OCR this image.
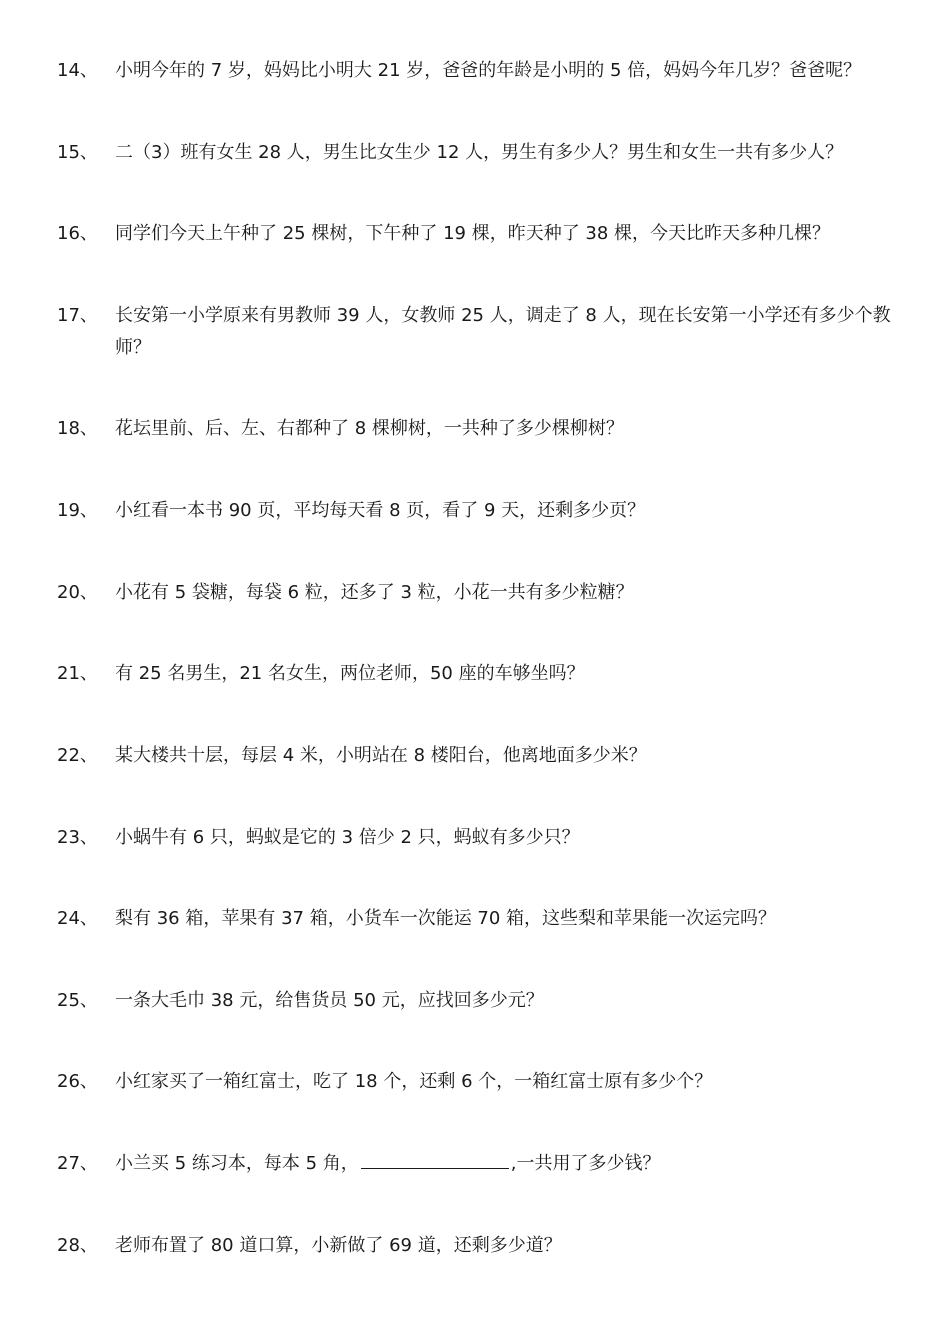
14、 小明今年的 7 岁，妈妈比小明大 21 岁，爸爸的年龄是小明的 5 倍，妈妈今年几岁？爸爸呢？
15、 二（3）班有女生 28 人，男生比女生少 12 人，男生有多少人？男生和女生一共有多少人？
16、 同学们今天上午种了 25 棵树，下午种了 19 棵，昨天种了 38 棵，今天比昨天多种几棵？
17、 长安第一小学原来有男教师 39 人，女教师 25 人，调走了 8 人，现在长安第一小学还有多少个教师？
18、 花坛里前、后、左、右都种了 8 棵柳树，一共种了多少棵柳树？
19、 小红看一本书 90 页，平均每天看 8 页，看了 9 天，还剩多少页？
20、 小花有 5 袋糖，每袋 6 粒，还多了 3 粒，小花一共有多少粒糖？
21、 有 25 名男生，21 名女生，两位老师，50 座的车够坐吗？
22、 某大楼共十层，每层 4 米，小明站在 8 楼阳台，他离地面多少米？
23、 小蜗牛有 6 只，蚂蚁是它的 3 倍少 2 只，蚂蚁有多少只？
24、 梨有 36 箱，苹果有 37 箱，小货车一次能运 70 箱，这些梨和苹果能一次运完吗？
25、 一条大毛巾 38 元，给售货员 50 元，应找回多少元？
26、 小红家买了一箱红富士，吃了 18 个，还剩 6 个，一箱红富士原有多少个？
27、 小兰买 5 练习本，每本 5 角，	,一共用了多少钱？
28、 老师布置了 80 道口算，小新做了 69 道，还剩多少道？
